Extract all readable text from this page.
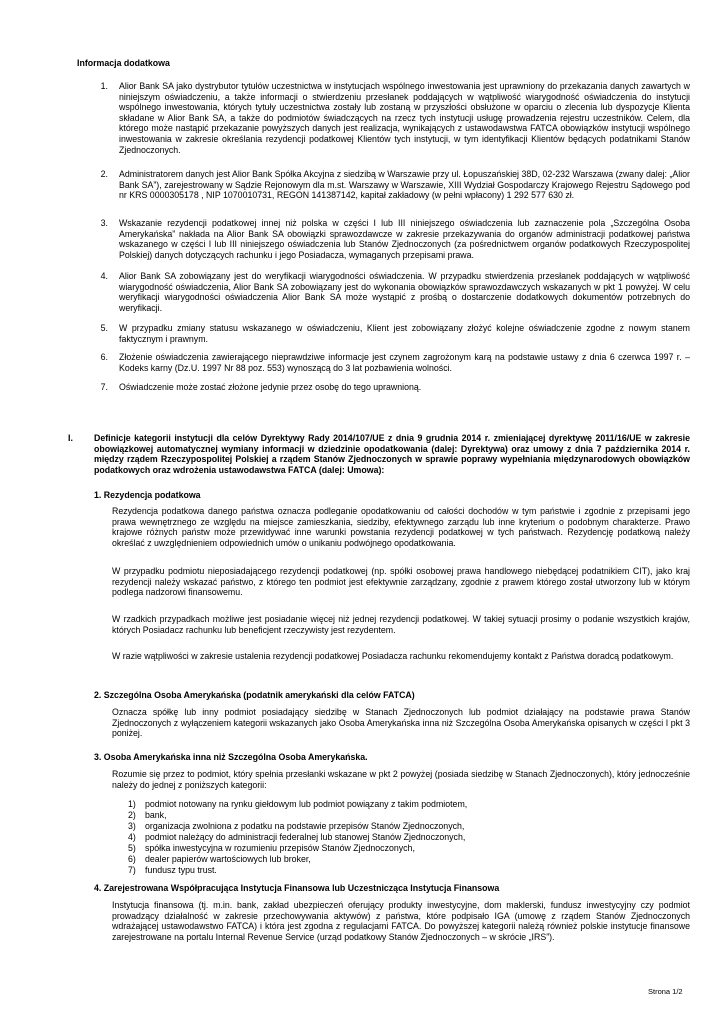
Informacja dodatkowa
1. Alior Bank SA jako dystrybutor tytułów uczestnictwa w instytucjach wspólnego inwestowania jest uprawniony do przekazania danych zawartych w niniejszym oświadczeniu, a także informacji o stwierdzeniu przesłanek poddających w wątpliwość wiarygodność oświadczenia do instytucji wspólnego inwestowania, których tytuły uczestnictwa zostały lub zostaną w przyszłości obsłużone w oparciu o zlecenia lub dyspozycje Klienta składane w Alior Bank SA, a także do podmiotów świadczących na rzecz tych instytucji usługę prowadzenia rejestru uczestników. Celem, dla którego może nastąpić przekazanie powyższych danych jest realizacja, wynikających z ustawodawstwa FATCA obowiązków instytucji wspólnego inwestowania w zakresie określania rezydencji podatkowej Klientów tych instytucji, w tym identyfikacji Klientów będących podatnikami Stanów Zjednoczonych.

2. Administratorem danych jest Alior Bank Spółka Akcyjna z siedzibą w Warszawie przy ul. Łopuszańskiej 38D, 02-232 Warszawa (zwany dalej: „Alior Bank SA”), zarejestrowany w Sądzie Rejonowym dla m.st. Warszawy w Warszawie, XIII Wydział Gospodarczy Krajowego Rejestru Sądowego pod nr KRS 0000305178 , NIP 1070010731, REGON 141387142, kapitał zakładowy (w pełni wpłacony) 1 292 577 630 zł.

3. Wskazanie rezydencji podatkowej innej niż polska w części I lub III niniejszego oświadczenia lub zaznaczenie pola „Szczególna Osoba Amerykańska” nakłada na Alior Bank SA obowiązki sprawozdawcze w zakresie przekazywania do organów administracji podatkowej państwa wskazanego w części I lub III niniejszego oświadczenia lub Stanów Zjednoczonych (za pośrednictwem organów podatkowych Rzeczypospolitej Polskiej) danych dotyczących rachunku i jego Posiadacza, wymaganych przepisami prawa.

4. Alior Bank SA zobowiązany jest do weryfikacji wiarygodności oświadczenia. W przypadku stwierdzenia przesłanek poddających w wątpliwość wiarygodność oświadczenia, Alior Bank SA zobowiązany jest do wykonania obowiązków sprawozdawczych wskazanych w pkt 1 powyżej. W celu weryfikacji wiarygodności oświadczenia Alior Bank SA może wystąpić z prośbą o dostarczenie dodatkowych dokumentów potrzebnych do weryfikacji.

5. W przypadku zmiany statusu wskazanego w oświadczeniu, Klient jest zobowiązany złożyć kolejne oświadczenie zgodne z nowym stanem faktycznym i prawnym.

6. Złożenie oświadczenia zawierającego nieprawdziwe informacje jest czynem zagrożonym karą na podstawie ustawy z dnia 6 czerwca 1997 r. – Kodeks karny (Dz.U. 1997 Nr 88 poz. 553) wynoszącą do 3 lat pozbawienia wolności.

7. Oświadczenie może zostać złożone jedynie przez osobę do tego uprawnioną.

I. Definicje kategorii instytucji dla celów Dyrektywy Rady 2014/107/UE z dnia 9 grudnia 2014 r. zmieniającej dyrektywę 2011/16/UE w zakresie obowiązkowej automatycznej wymiany informacji w dziedzinie opodatkowania (dalej: Dyrektywa) oraz umowy z dnia 7 października 2014 r. między rządem Rzeczypospolitej Polskiej a rządem Stanów Zjednoczonych w sprawie poprawy wypełniania międzynarodowych obowiązków podatkowych oraz wdrożenia ustawodawstwa FATCA (dalej: Umowa):

1. Rezydencja podatkowa

Rezydencja podatkowa danego państwa oznacza podleganie opodatkowaniu od całości dochodów w tym państwie i zgodnie z przepisami jego prawa wewnętrznego ze względu na miejsce zamieszkania, siedziby, efektywnego zarządu lub inne kryterium o podobnym charakterze. Prawo krajowe różnych państw może przewidywać inne warunki powstania rezydencji podatkowej w tych państwach. Rezydencję podatkową należy określać z uwzględnieniem odpowiednich umów o unikaniu podwójnego opodatkowania.

W przypadku podmiotu nieposiadającego rezydencji podatkowej (np. spółki osobowej prawa handlowego niebędącej podatnikiem CIT), jako kraj rezydencji należy wskazać państwo, z którego ten podmiot jest efektywnie zarządzany, zgodnie z prawem którego został utworzony lub w którym podlega nadzorowi finansowemu.

W rzadkich przypadkach możliwe jest posiadanie więcej niż jednej rezydencji podatkowej. W takiej sytuacji prosimy o podanie wszystkich krajów, których Posiadacz rachunku lub beneficjent rzeczywisty jest rezydentem.

W razie wątpliwości w zakresie ustalenia rezydencji podatkowej Posiadacza rachunku rekomendujemy kontakt z Państwa doradcą podatkowym.

2. Szczególna Osoba Amerykańska (podatnik amerykański dla celów FATCA)

Oznacza spółkę lub inny podmiot posiadający siedzibę w Stanach Zjednoczonych lub podmiot działający na podstawie prawa Stanów Zjednoczonych z wyłączeniem kategorii wskazanych jako Osoba Amerykańska inna niż Szczególna Osoba Amerykańska opisanych w części I pkt 3 poniżej.

3. Osoba Amerykańska inna niż Szczególna Osoba Amerykańska.

Rozumie się przez to podmiot, który spełnia przesłanki wskazane w pkt 2 powyżej (posiada siedzibę w Stanach Zjednoczonych), który jednocześnie należy do jednej z poniższych kategorii:

1) podmiot notowany na rynku giełdowym lub podmiot powiązany z takim podmiotem,
2) bank,
3) organizacja zwolniona z podatku na podstawie przepisów Stanów Zjednoczonych,
4) podmiot należący do administracji federalnej lub stanowej Stanów Zjednoczonych,
5) spółka inwestycyjna w rozumieniu przepisów Stanów Zjednoczonych,
6) dealer papierów wartościowych lub broker,
7) fundusz typu trust.
4. Zarejestrowana Współpracująca Instytucja Finansowa lub Uczestnicząca Instytucja Finansowa

Instytucja finansowa (tj. m.in. bank, zakład ubezpieczeń oferujący produkty inwestycyjne, dom maklerski, fundusz inwestycyjny czy podmiot prowadzący działalność w zakresie przechowywania aktywów) z państwa, które podpisało IGA (umowę z rządem Stanów Zjednoczonych wdrażającej ustawodawstwo FATCA) i która jest zgodna z regulacjami FATCA. Do powyższej kategorii należą również polskie instytucje finansowe zarejestrowane na portalu Internal Revenue Service (urząd podatkowy Stanów Zjednoczonych – w skrócie „IRS”).

Strona 1/2
